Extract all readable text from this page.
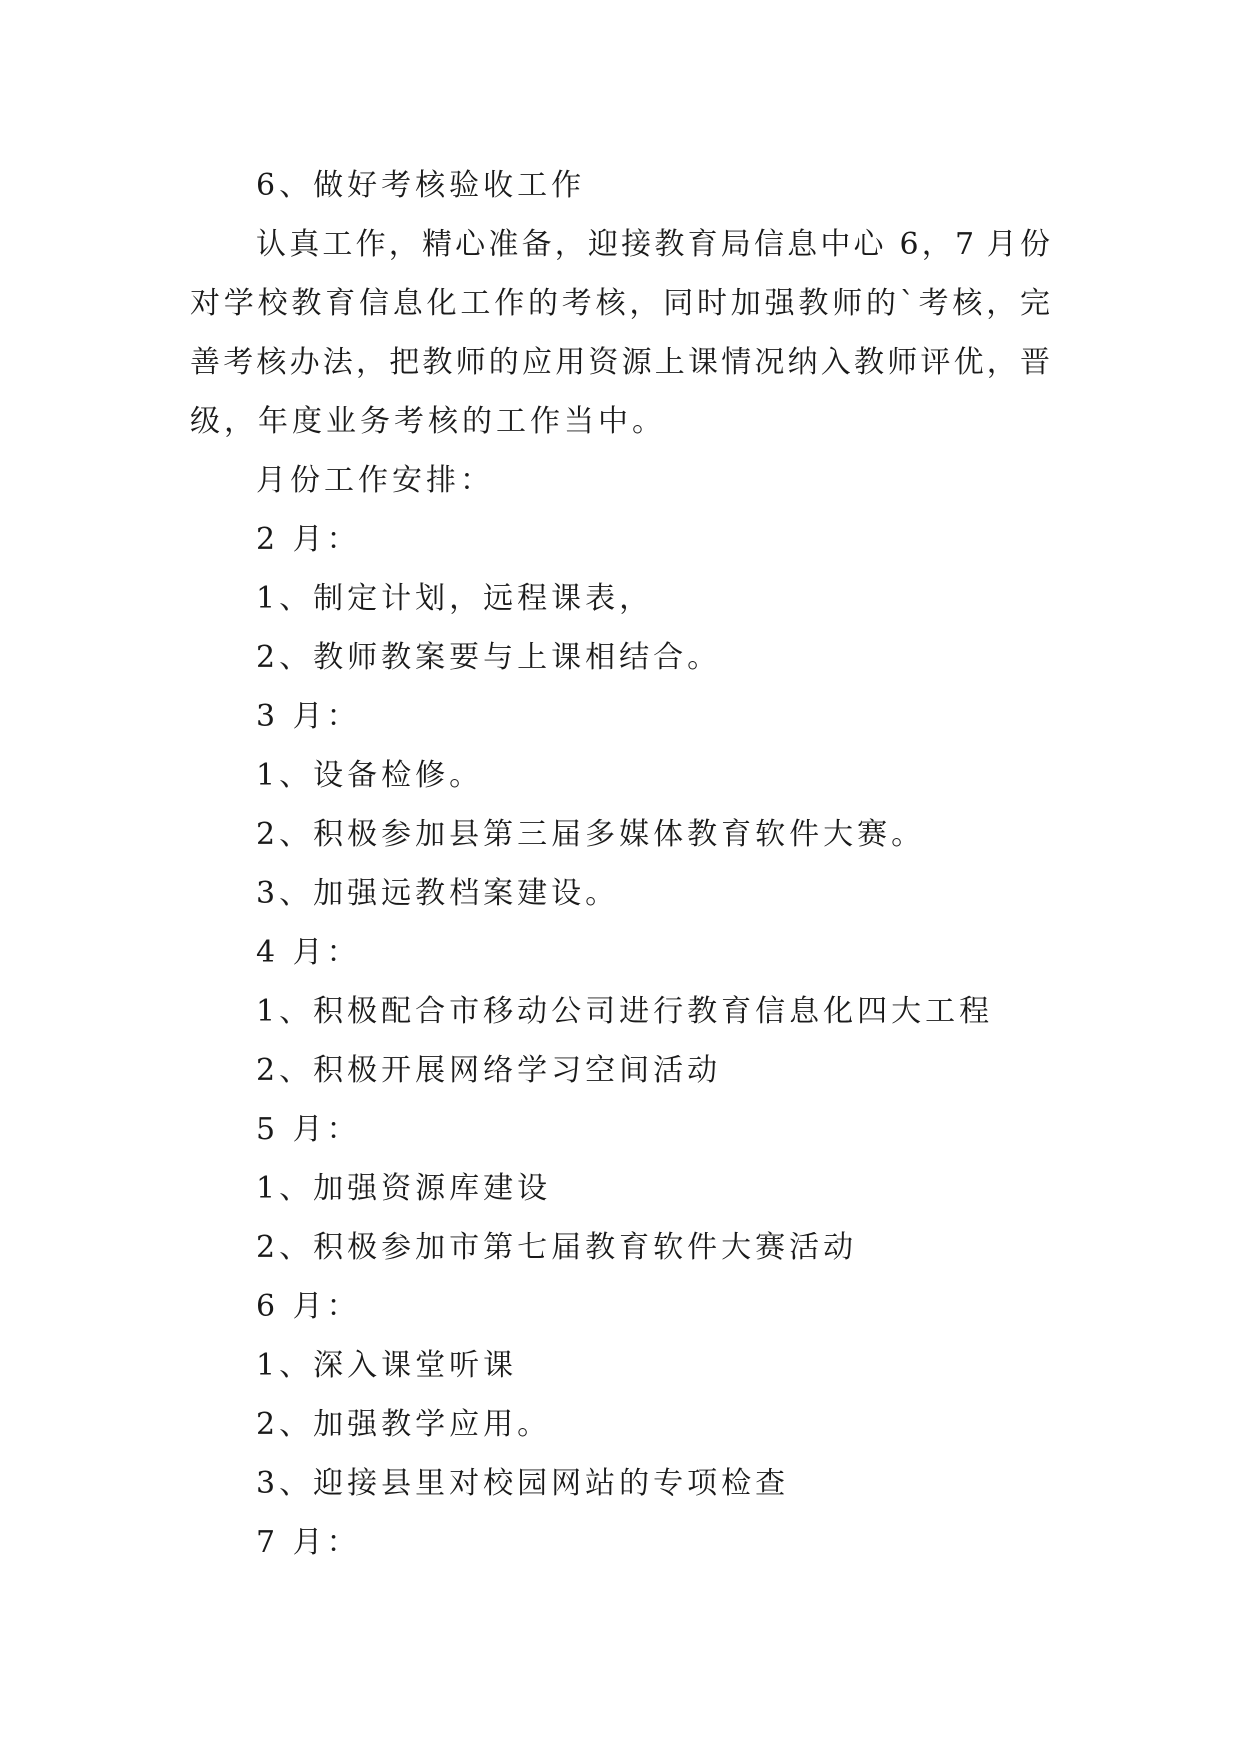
6、做好考核验收工作
认真工作，精心准备，迎接教育局信息中心 6，7 月份
对学校教育信息化工作的考核，同时加强教师的`考核，完
善考核办法，把教师的应用资源上课情况纳入教师评优，晋
级，年度业务考核的工作当中。
月份工作安排：
2 月：
1、制定计划，远程课表，
2、教师教案要与上课相结合。
3 月：
1、设备检修。
2、积极参加县第三届多媒体教育软件大赛。
3、加强远教档案建设。
4 月：
1、积极配合市移动公司进行教育信息化四大工程
2、积极开展网络学习空间活动
5 月：
1、加强资源库建设
2、积极参加市第七届教育软件大赛活动
6 月：
1、深入课堂听课
2、加强教学应用。
3、迎接县里对校园网站的专项检查
7 月：
